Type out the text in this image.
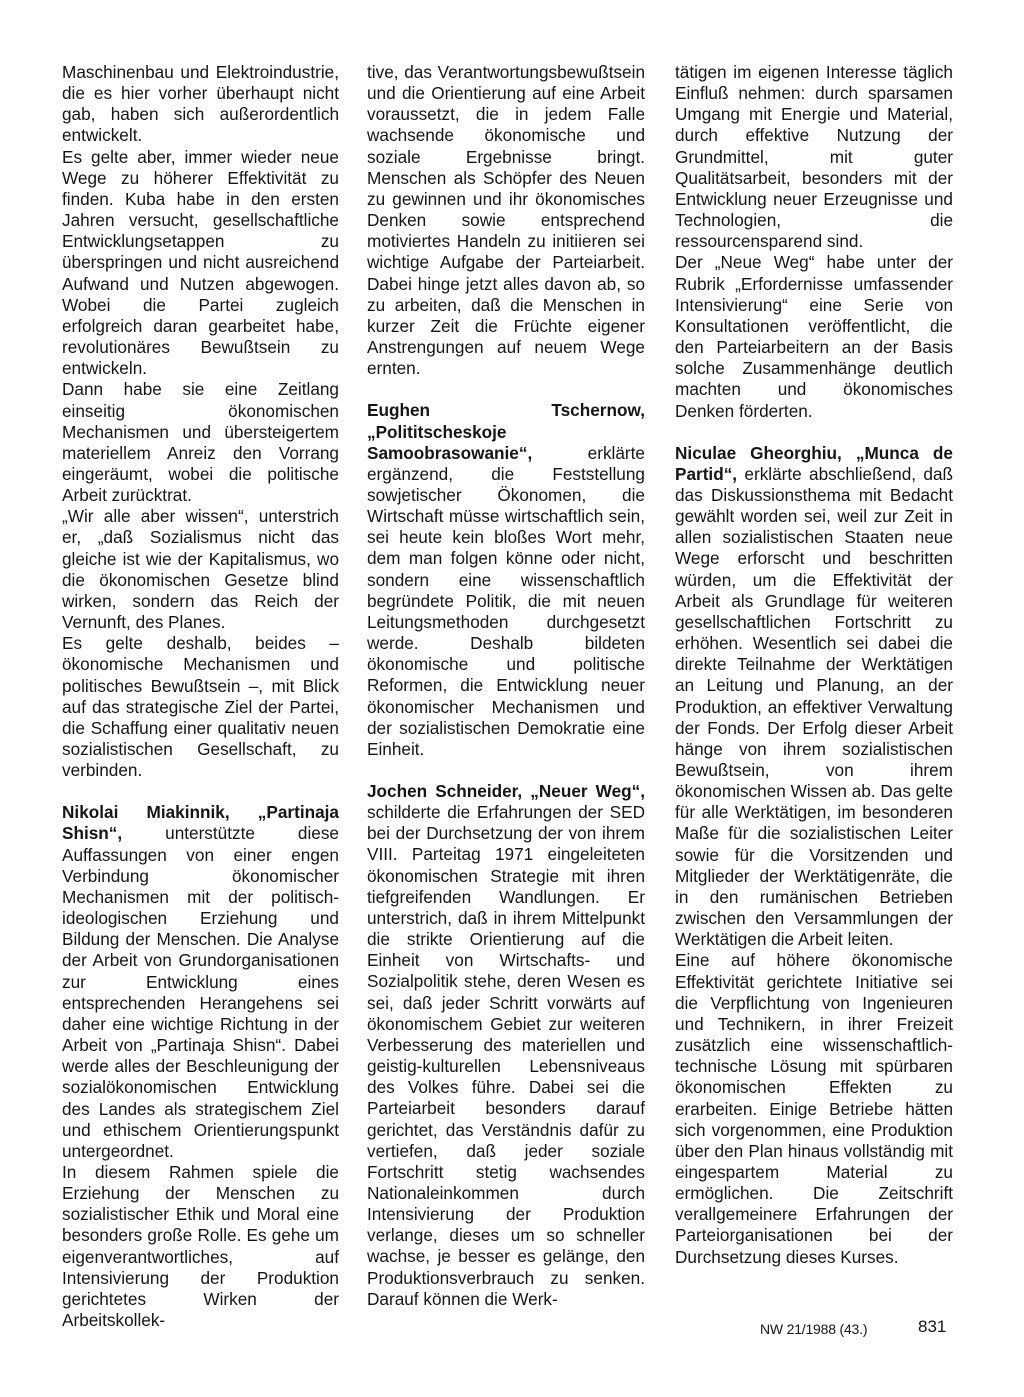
Maschinenbau und Elektroindustrie, die es hier vorher überhaupt nicht gab, haben sich außerordentlich entwickelt.

Es gelte aber, immer wieder neue Wege zu höherer Effektivität zu finden. Kuba habe in den ersten Jahren versucht, gesellschaftliche Entwicklungsetappen zu überspringen und nicht ausreichend Aufwand und Nutzen abgewogen. Wobei die Partei zugleich erfolgreich daran gearbeitet habe, revolutionäres Bewußtsein zu entwickeln.

Dann habe sie eine Zeitlang einseitig ökonomischen Mechanismen und übersteigertem materiellem Anreiz den Vorrang eingeräumt, wobei die politische Arbeit zurücktrat.

„Wir alle aber wissen“, unterstrich er, „daß Sozialismus nicht das gleiche ist wie der Kapitalismus, wo die ökonomischen Gesetze blind wirken, sondern das Reich der Vernunft, des Planes.

Es gelte deshalb, beides – ökonomische Mechanismen und politisches Bewußtsein –, mit Blick auf das strategische Ziel der Partei, die Schaffung einer qualitativ neuen sozialistischen Gesellschaft, zu verbinden.

Nikolai Miakinnik, „Partinaja Shisn“, unterstützte diese Auffassungen von einer engen Verbindung ökonomischer Mechanismen mit der politisch-ideologischen Erziehung und Bildung der Menschen. Die Analyse der Arbeit von Grundorganisationen zur Entwicklung eines entsprechenden Herangehens sei daher eine wichtige Richtung in der Arbeit von „Partinaja Shisn“. Dabei werde alles der Beschleunigung der sozialökonomischen Entwicklung des Landes als strategischem Ziel und ethischem Orientierungspunkt untergeordnet.

In diesem Rahmen spiele die Erziehung der Menschen zu sozialistischer Ethik und Moral eine besonders große Rolle. Es gehe um eigenverantwortliches, auf Intensivierung der Produktion gerichtetes Wirken der Arbeitskollek-

tive, das Verantwortungsbewußtsein und die Orientierung auf eine Arbeit voraussetzt, die in jedem Falle wachsende ökonomische und soziale Ergebnisse bringt. Menschen als Schöpfer des Neuen zu gewinnen und ihr ökonomisches Denken sowie entsprechend motiviertes Handeln zu initiieren sei wichtige Aufgabe der Parteiarbeit. Dabei hinge jetzt alles davon ab, so zu arbeiten, daß die Menschen in kurzer Zeit die Früchte eigener Anstrengungen auf neuem Wege ernten.

Eughen Tschernow, „Polititscheskoje Samoobrasowanie“, erklärte ergänzend, die Feststellung sowjetischer Ökonomen, die Wirtschaft müsse wirtschaftlich sein, sei heute kein bloßes Wort mehr, dem man folgen könne oder nicht, sondern eine wissenschaftlich begründete Politik, die mit neuen Leitungsmethoden durchgesetzt werde. Deshalb bildeten ökonomische und politische Reformen, die Entwicklung neuer ökonomischer Mechanismen und der sozialistischen Demokratie eine Einheit.

Jochen Schneider, „Neuer Weg“, schilderte die Erfahrungen der SED bei der Durchsetzung der von ihrem VIII. Parteitag 1971 eingeleiteten ökonomischen Strategie mit ihren tiefgreifenden Wandlungen. Er unterstrich, daß in ihrem Mittelpunkt die strikte Orientierung auf die Einheit von Wirtschafts- und Sozialpolitik stehe, deren Wesen es sei, daß jeder Schritt vorwärts auf ökonomischem Gebiet zur weiteren Verbesserung des materiellen und geistig-kulturellen Lebensniveaus des Volkes führe. Dabei sei die Parteiarbeit besonders darauf gerichtet, das Verständnis dafür zu vertiefen, daß jeder soziale Fortschritt stetig wachsendes Nationaleinkommen durch Intensivierung der Produktion verlange, dieses um so schneller wachse, je besser es gelänge, den Produktionsverbrauch zu senken. Darauf können die Werk-

tätigen im eigenen Interesse täglich Einfluß nehmen: durch sparsamen Umgang mit Energie und Material, durch effektive Nutzung der Grundmittel, mit guter Qualitätsarbeit, besonders mit der Entwicklung neuer Erzeugnisse und Technologien, die ressourcensparend sind.

Der „Neue Weg“ habe unter der Rubrik „Erfordernisse umfassender Intensivierung“ eine Serie von Konsultationen veröffentlicht, die den Parteiarbeitern an der Basis solche Zusammenhänge deutlich machten und ökonomisches Denken förderten.

Niculae Gheorghiu, „Munca de Partid“, erklärte abschließend, daß das Diskussionsthema mit Bedacht gewählt worden sei, weil zur Zeit in allen sozialistischen Staaten neue Wege erforscht und beschritten würden, um die Effektivität der Arbeit als Grundlage für weiteren gesellschaftlichen Fortschritt zu erhöhen. Wesentlich sei dabei die direkte Teilnahme der Werktätigen an Leitung und Planung, an der Produktion, an effektiver Verwaltung der Fonds. Der Erfolg dieser Arbeit hänge von ihrem sozialistischen Bewußtsein, von ihrem ökonomischen Wissen ab. Das gelte für alle Werktätigen, im besonderen Maße für die sozialistischen Leiter sowie für die Vorsitzenden und Mitglieder der Werktätigenräte, die in den rumänischen Betrieben zwischen den Versammlungen der Werktätigen die Arbeit leiten.

Eine auf höhere ökonomische Effektivität gerichtete Initiative sei die Verpflichtung von Ingenieuren und Technikern, in ihrer Freizeit zusätzlich eine wissenschaftlich-technische Lösung mit spürbaren ökonomischen Effekten zu erarbeiten. Einige Betriebe hätten sich vorgenommen, eine Produktion über den Plan hinaus vollständig mit eingespartem Material zu ermöglichen. Die Zeitschrift verallgemeinere Erfahrungen der Parteiorganisationen bei der Durchsetzung dieses Kurses.

NW 21/1988 (43.)	831
